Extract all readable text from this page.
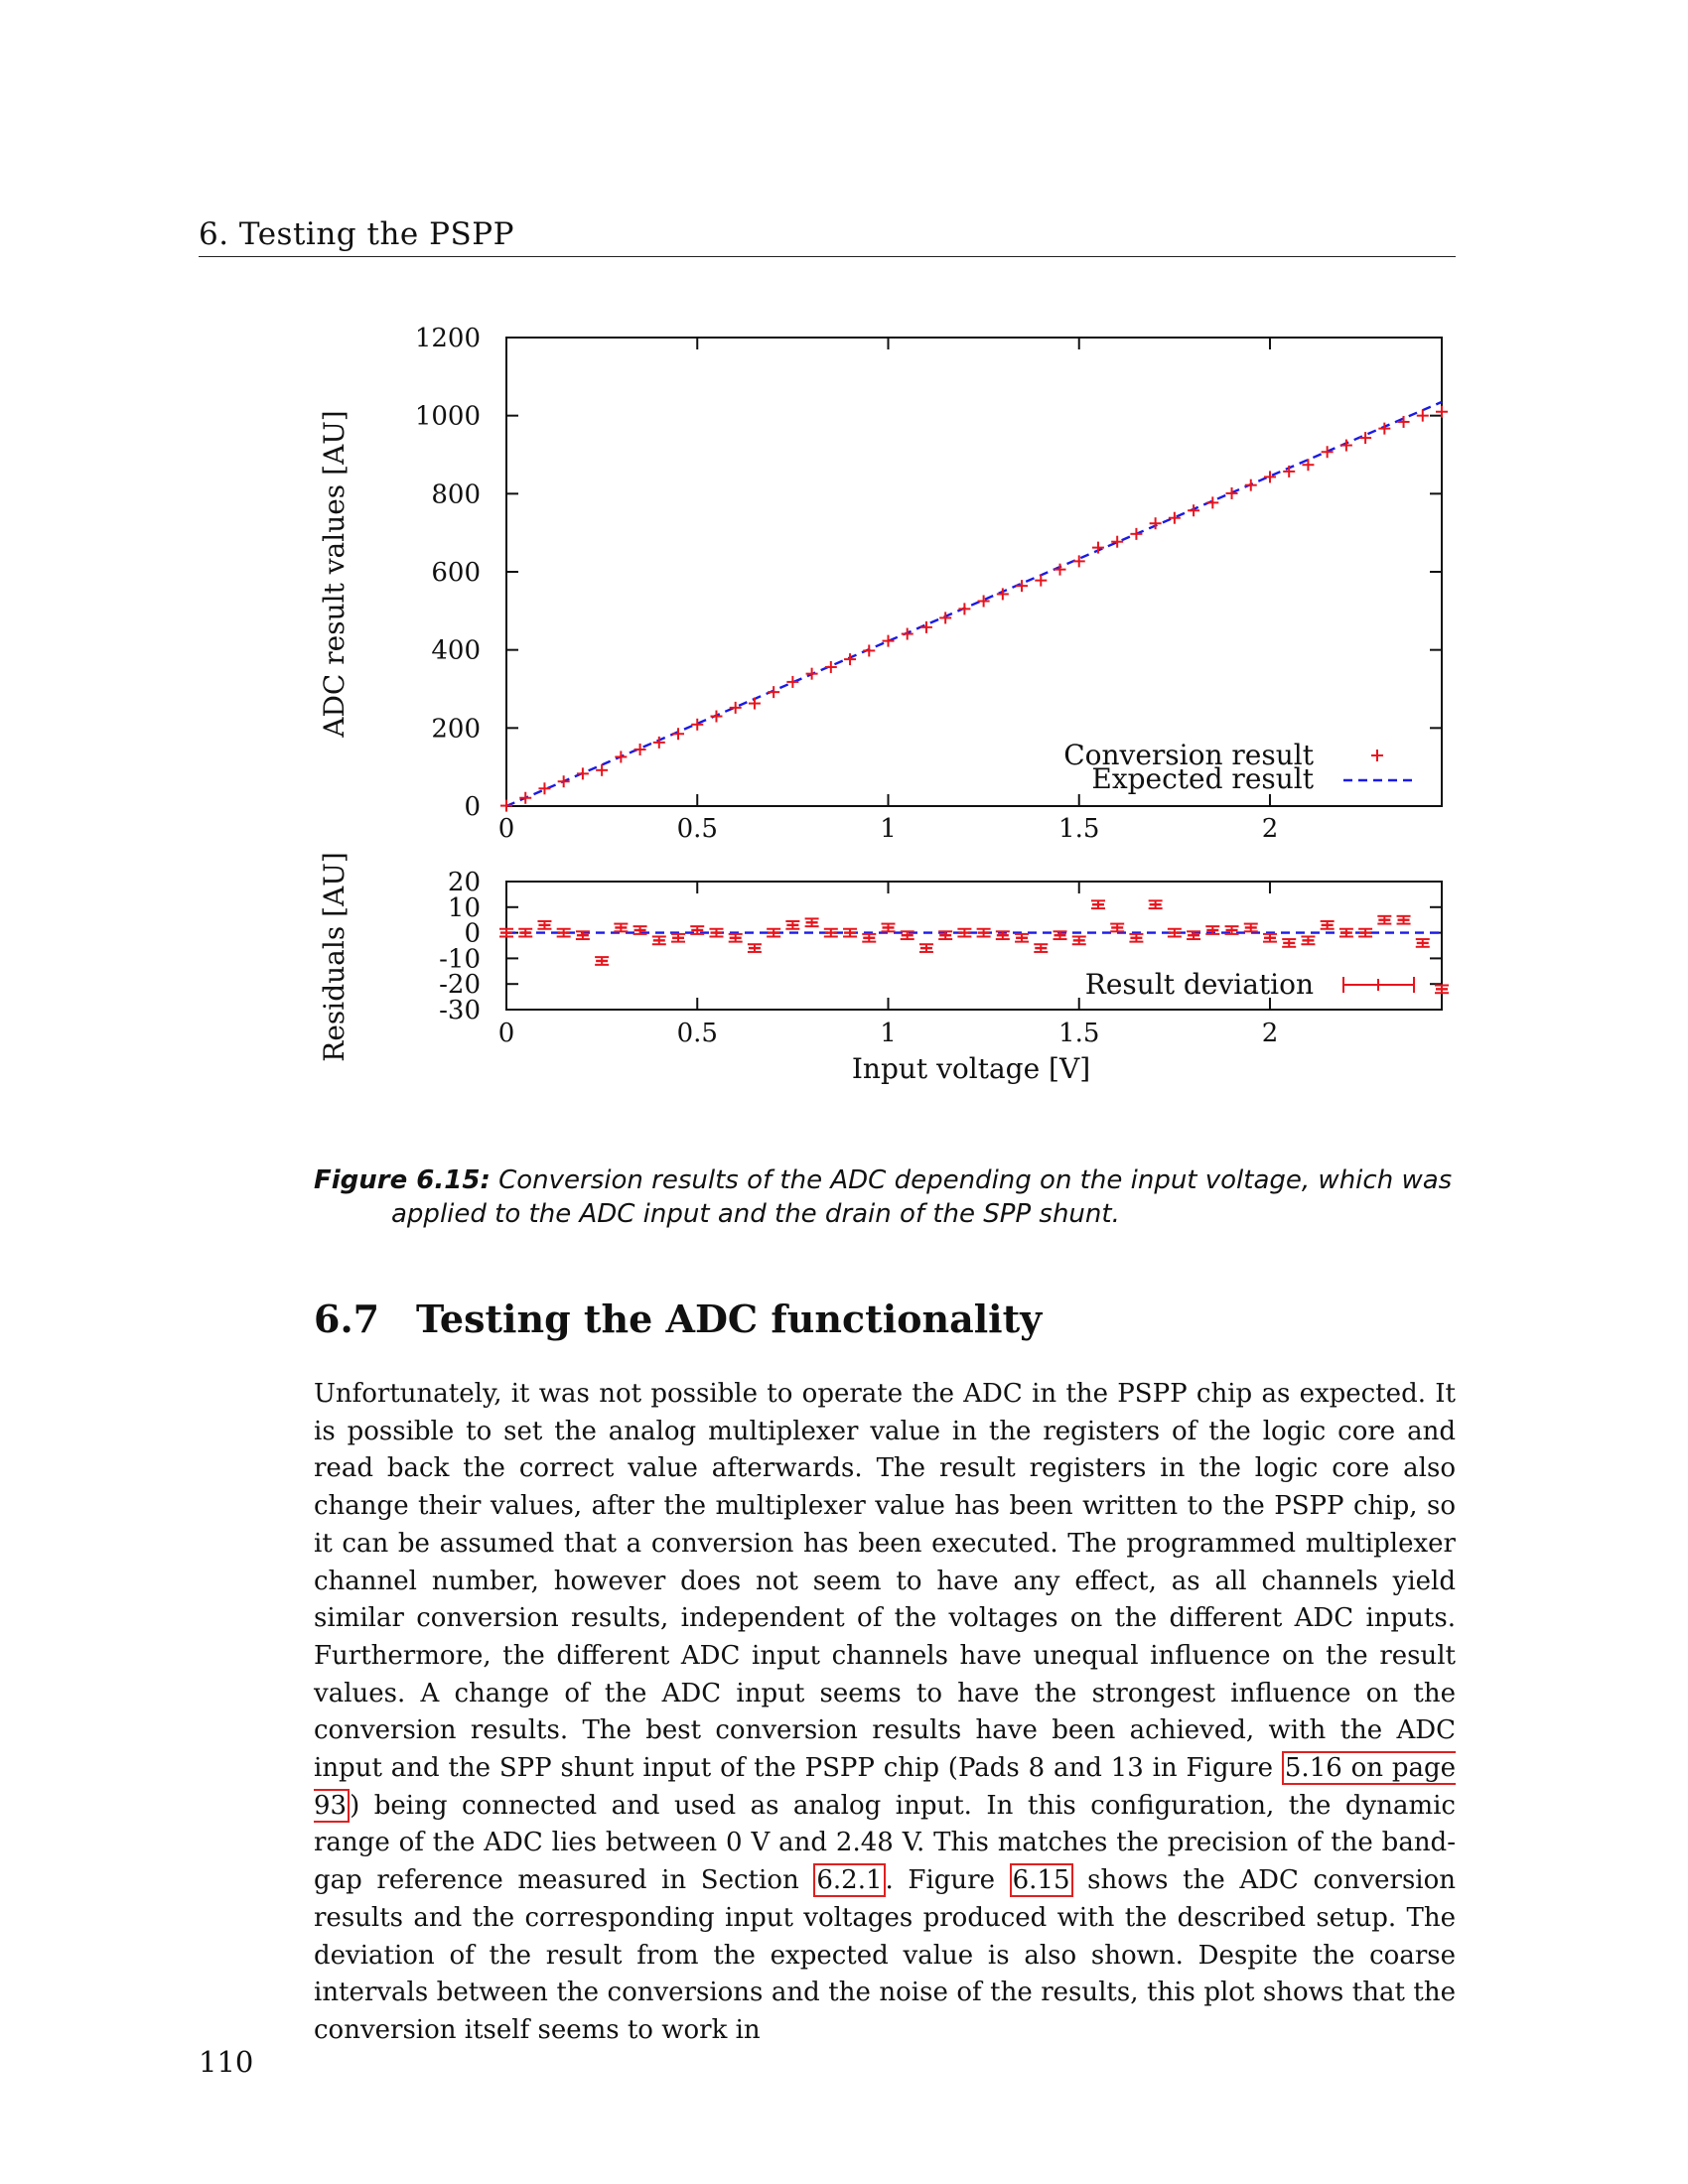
6. Testing the PSPP
0	0.5	1	1.5	2
0
200
400
600
800
1000
1200
0	0.5	1	1.5	2
20
10
0
-10
-20
-30
ADC result values [AU]
Residuals [AU]
Input voltage [V]
Conversion result
Expected result
Result deviation
Figure 6.15: Conversion results of the ADC depending on the input voltage, which was applied to the ADC input and the drain of the SPP shunt.
6.7 Testing the ADC functionality

Unfortunately, it was not possible to operate the ADC in the PSPP chip as expected. It is possible to set the analog multiplexer value in the registers of the logic core and read back the correct value afterwards. The result registers in the logic core also change their values, after the multiplexer value has been written to the PSPP chip, so it can be assumed that a conversion has been executed. The programmed multiplexer channel number, however does not seem to have any effect, as all channels yield similar conversion results, independent of the voltages on the different ADC inputs. Furthermore, the different ADC input channels have unequal influence on the result values. A change of the ADC input seems to have the strongest influence on the conversion results. The best conversion results have been achieved, with the ADC input and the SPP shunt input of the PSPP chip (Pads 8 and 13 in Figure 5.16 on page 93 ) being connected and used as analog input. In this configuration, the dynamic range of the ADC lies between 0 V and 2.48 V. This matches the precision of the band-gap reference measured in Section 6.2.1 . Figure 6.15 shows the ADC conversion results and the corresponding input voltages produced with the described setup. The deviation of the result from the expected value is also shown. Despite the coarse intervals between the conversions and the noise of the results, this plot shows that the conversion itself seems to work in

110
